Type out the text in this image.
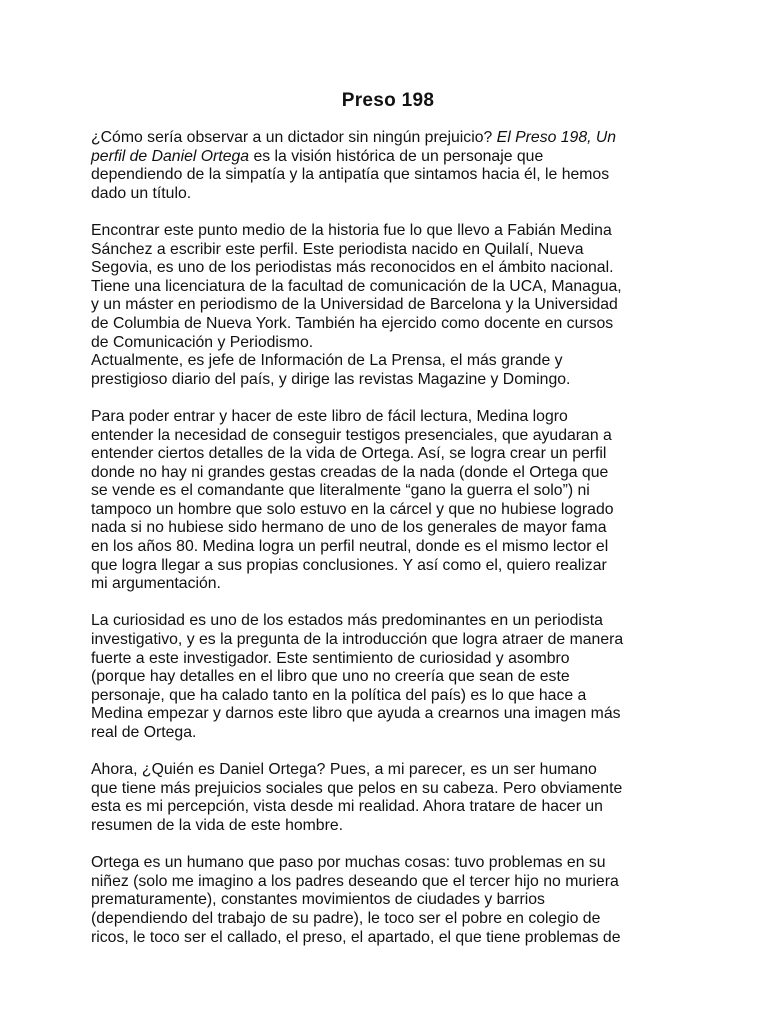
Preso 198

¿Cómo sería observar a un dictador sin ningún prejuicio? El Preso 198, Un
perfil de Daniel Ortega es la visión histórica de un personaje que
dependiendo de la simpatía y la antipatía que sintamos hacia él, le hemos
dado un título.

Encontrar este punto medio de la historia fue lo que llevo a Fabián Medina
Sánchez a escribir este perfil. Este periodista nacido en Quilalí, Nueva
Segovia, es uno de los periodistas más reconocidos en el ámbito nacional.
Tiene una licenciatura de la facultad de comunicación de la UCA, Managua,
y un máster en periodismo de la Universidad de Barcelona y la Universidad
de Columbia de Nueva York. También ha ejercido como docente en cursos
de Comunicación y Periodismo.

Actualmente, es jefe de Información de La Prensa, el más grande y
prestigioso diario del país, y dirige las revistas Magazine y Domingo.

Para poder entrar y hacer de este libro de fácil lectura, Medina logro
entender la necesidad de conseguir testigos presenciales, que ayudaran a
entender ciertos detalles de la vida de Ortega. Así, se logra crear un perfil
donde no hay ni grandes gestas creadas de la nada (donde el Ortega que
se vende es el comandante que literalmente “gano la guerra el solo”) ni
tampoco un hombre que solo estuvo en la cárcel y que no hubiese logrado
nada si no hubiese sido hermano de uno de los generales de mayor fama
en los años 80. Medina logra un perfil neutral, donde es el mismo lector el
que logra llegar a sus propias conclusiones. Y así como el, quiero realizar
mi argumentación.

La curiosidad es uno de los estados más predominantes en un periodista
investigativo, y es la pregunta de la introducción que logra atraer de manera
fuerte a este investigador. Este sentimiento de curiosidad y asombro
(porque hay detalles en el libro que uno no creería que sean de este
personaje, que ha calado tanto en la política del país) es lo que hace a
Medina empezar y darnos este libro que ayuda a crearnos una imagen más
real de Ortega.

Ahora, ¿Quién es Daniel Ortega? Pues, a mi parecer, es un ser humano
que tiene más prejuicios sociales que pelos en su cabeza. Pero obviamente
esta es mi percepción, vista desde mi realidad. Ahora tratare de hacer un
resumen de la vida de este hombre.

Ortega es un humano que paso por muchas cosas: tuvo problemas en su
niñez (solo me imagino a los padres deseando que el tercer hijo no muriera
prematuramente), constantes movimientos de ciudades y barrios
(dependiendo del trabajo de su padre), le toco ser el pobre en colegio de
ricos, le toco ser el callado, el preso, el apartado, el que tiene problemas de
